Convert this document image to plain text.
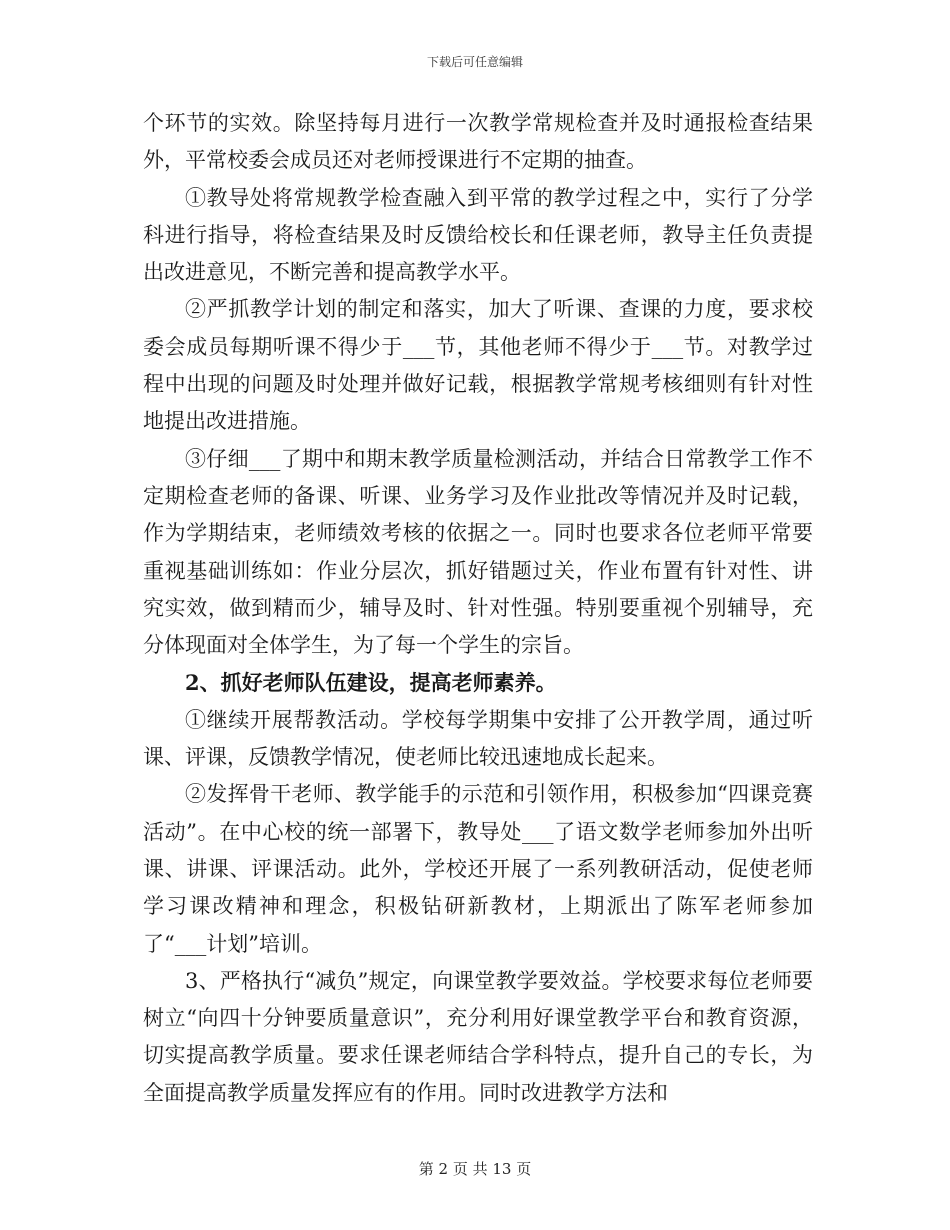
下载后可任意编辑

个环节的实效。除坚持每月进行一次教学常规检查并及时通报检查结果外，平常校委会成员还对老师授课进行不定期的抽查。

①教导处将常规教学检查融入到平常的教学过程之中，实行了分学科进行指导，将检查结果及时反馈给校长和任课老师，教导主任负责提出改进意见，不断完善和提高教学水平。

②严抓教学计划的制定和落实，加大了听课、查课的力度，要求校委会成员每期听课不得少于___节，其他老师不得少于___节。对教学过程中出现的问题及时处理并做好记载，根据教学常规考核细则有针对性地提出改进措施。

③仔细___了期中和期末教学质量检测活动，并结合日常教学工作不定期检查老师的备课、听课、业务学习及作业批改等情况并及时记载，作为学期结束，老师绩效考核的依据之一。同时也要求各位老师平常要重视基础训练如：作业分层次，抓好错题过关，作业布置有针对性、讲究实效，做到精而少，辅导及时、针对性强。特别要重视个别辅导，充分体现面对全体学生，为了每一个学生的宗旨。

2、抓好老师队伍建设，提高老师素养。

①继续开展帮教活动。学校每学期集中安排了公开教学周，通过听课、评课，反馈教学情况，使老师比较迅速地成长起来。

②发挥骨干老师、教学能手的示范和引领作用，积极参加“四课竞赛活动”。在中心校的统一部署下，教导处___了语文数学老师参加外出听课、讲课、评课活动。此外，学校还开展了一系列教研活动，促使老师学习课改精神和理念，积极钻研新教材，上期派出了陈军老师参加了“___计划”培训。

3、严格执行“减负”规定，向课堂教学要效益。学校要求每位老师要树立“向四十分钟要质量意识”，充分利用好课堂教学平台和教育资源，切实提高教学质量。要求任课老师结合学科特点，提升自己的专长，为全面提高教学质量发挥应有的作用。同时改进教学方法和

第 2 页 共 13 页
